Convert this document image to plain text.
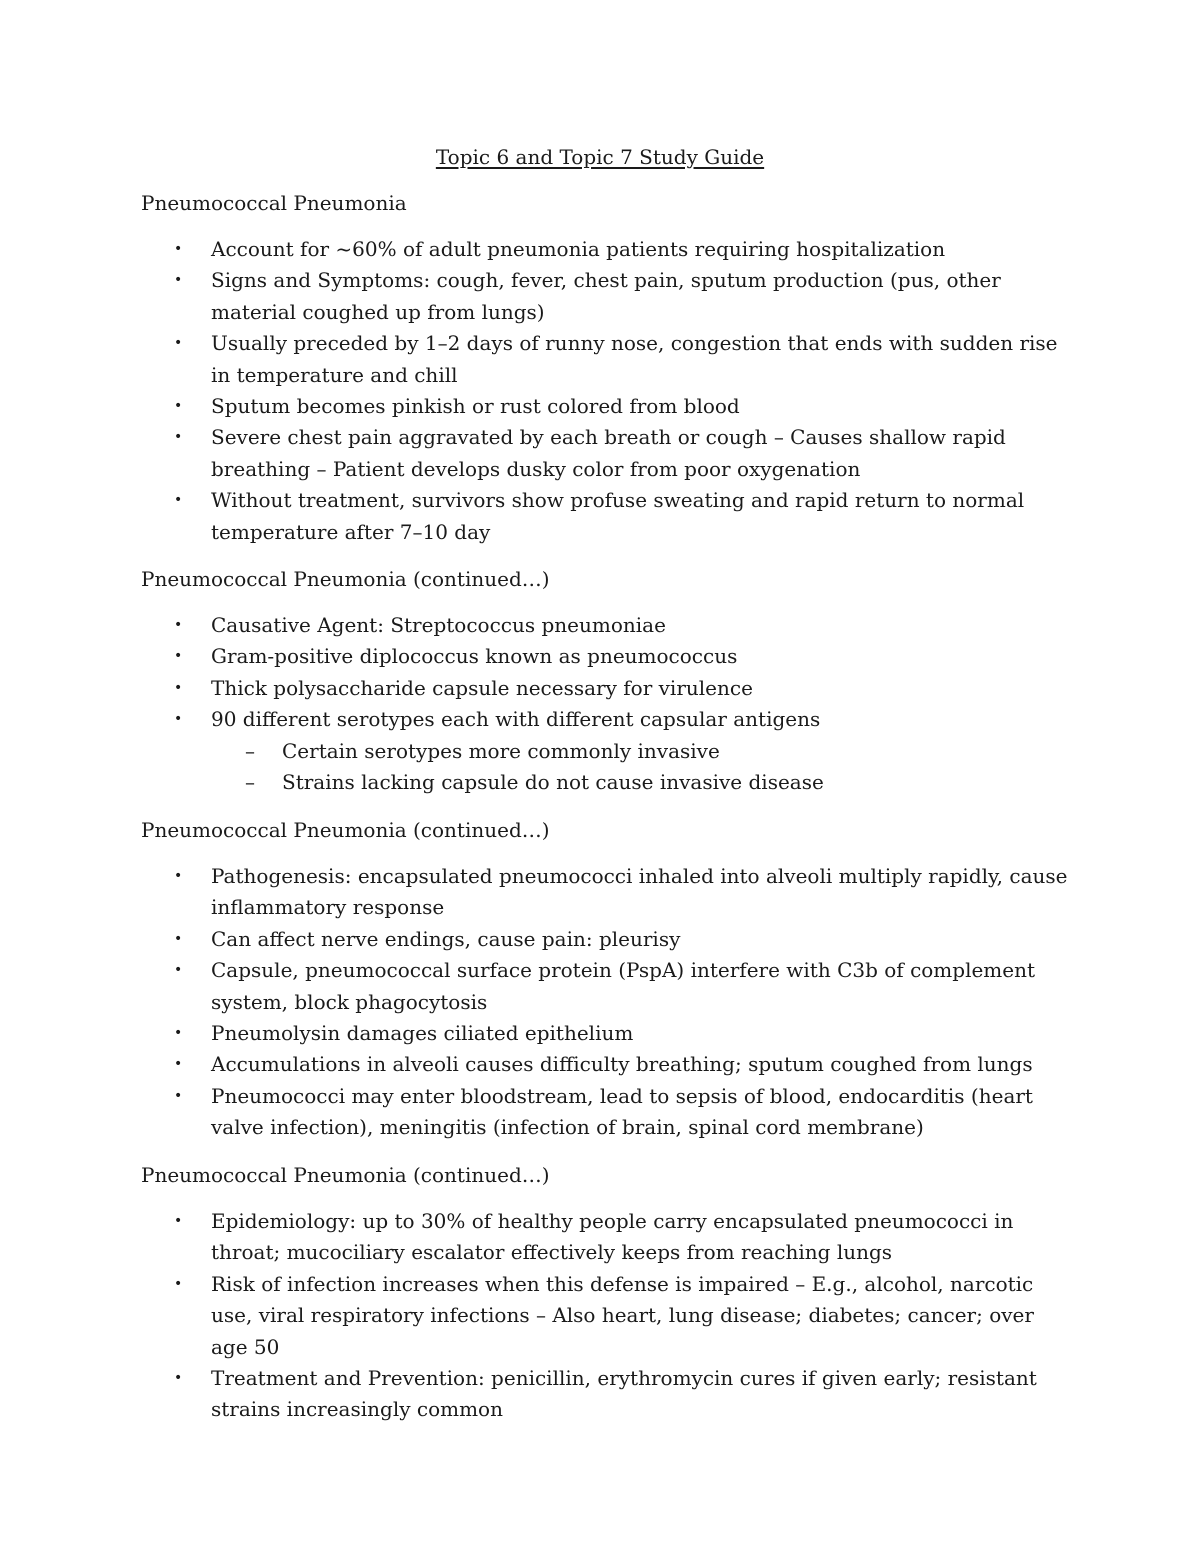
Topic 6 and Topic 7 Study Guide
Pneumococcal Pneumonia
• Account for ~60% of adult pneumonia patients requiring hospitalization
• Signs and Symptoms: cough, fever, chest pain, sputum production (pus, other material coughed up from lungs)
• Usually preceded by 1–2 days of runny nose, congestion that ends with sudden rise in temperature and chill
• Sputum becomes pinkish or rust colored from blood
• Severe chest pain aggravated by each breath or cough – Causes shallow rapid breathing – Patient develops dusky color from poor oxygenation
• Without treatment, survivors show profuse sweating and rapid return to normal temperature after 7–10 day
Pneumococcal Pneumonia (continued…)
• Causative Agent: Streptococcus pneumoniae
• Gram-positive diplococcus known as pneumococcus
• Thick polysaccharide capsule necessary for virulence
• 90 different serotypes each with different capsular antigens
– Certain serotypes more commonly invasive
– Strains lacking capsule do not cause invasive disease
Pneumococcal Pneumonia (continued…)
• Pathogenesis: encapsulated pneumococci inhaled into alveoli multiply rapidly, cause inflammatory response
• Can affect nerve endings, cause pain: pleurisy
• Capsule, pneumococcal surface protein (PspA) interfere with C3b of complement system, block phagocytosis
• Pneumolysin damages ciliated epithelium
• Accumulations in alveoli causes difficulty breathing; sputum coughed from lungs
• Pneumococci may enter bloodstream, lead to sepsis of blood, endocarditis (heart valve infection), meningitis (infection of brain, spinal cord membrane)
Pneumococcal Pneumonia (continued…)
• Epidemiology: up to 30% of healthy people carry encapsulated pneumococci in throat; mucociliary escalator effectively keeps from reaching lungs
• Risk of infection increases when this defense is impaired – E.g., alcohol, narcotic use, viral respiratory infections – Also heart, lung disease; diabetes; cancer; over age 50
• Treatment and Prevention: penicillin, erythromycin cures if given early; resistant strains increasingly common
